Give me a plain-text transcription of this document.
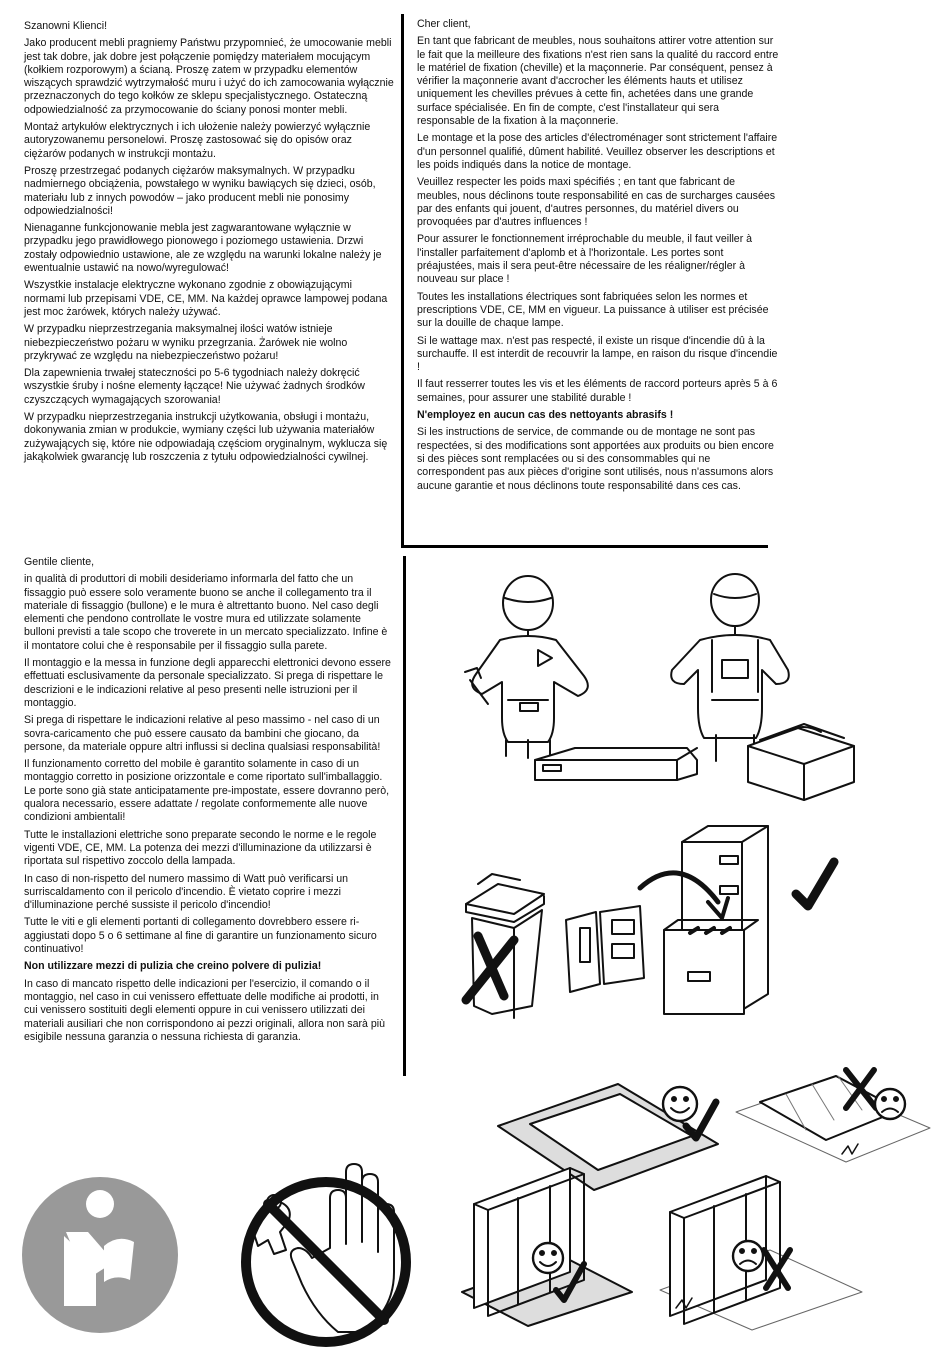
Szanowni Klienci!

Jako producent mebli pragniemy Państwu przypomnieć, że umocowanie mebli jest tak dobre, jak dobre jest połączenie pomiędzy materiałem mocującym (kołkiem rozporowym) a ścianą. Proszę zatem w przypadku elementów wiszących sprawdzić wytrzymałość muru i użyć do ich zamocowania wyłącznie przeznaczonych do tego kołków ze sklepu specjalistycznego. Ostateczną odpowiedzialność za przymocowanie do ściany ponosi monter mebli.

Montaż artykułów elektrycznych i ich ułożenie należy powierzyć wyłącznie autoryzowanemu personelowi. Proszę zastosować się do opisów oraz ciężarów podanych w instrukcji montażu.

Proszę przestrzegać podanych ciężarów maksymalnych. W przypadku nadmiernego obciążenia, powstałego w wyniku bawiących się dzieci, osób, materiału lub z innych powodów – jako producent mebli nie ponosimy odpowiedzialności!

Nienaganne funkcjonowanie mebla jest zagwarantowane wyłącznie w przypadku jego prawidłowego pionowego i poziomego ustawienia. Drzwi zostały odpowiednio ustawione, ale ze względu na warunki lokalne należy je ewentualnie ustawić na nowo/wyregulować!

Wszystkie instalacje elektryczne wykonano zgodnie z obowiązującymi normami lub przepisami VDE, CE, MM. Na każdej oprawce lampowej podana jest moc żarówek, których należy używać.

W przypadku nieprzestrzegania maksymalnej ilości watów istnieje niebezpieczeństwo pożaru w wyniku przegrzania. Żarówek nie wolno przykrywać ze względu na niebezpieczeństwo pożaru!

Dla zapewnienia trwałej stateczności po 5-6 tygodniach należy dokręcić wszystkie śruby i nośne elementy łączące! Nie używać żadnych środków czyszczących wymagających szorowania!

W przypadku nieprzestrzegania instrukcji użytkowania, obsługi i montażu, dokonywania zmian w produkcie, wymiany części lub używania materiałów zużywających się, które nie odpowiadają częściom oryginalnym, wyklucza się jakąkolwiek gwarancję lub roszczenia z tytułu odpowiedzialności cywilnej.

Cher client,

En tant que fabricant de meubles, nous souhaitons attirer votre attention sur le fait que la meilleure des fixations n'est rien sans la qualité du raccord entre le matériel de fixation (cheville) et la maçonnerie. Par conséquent, pensez à vérifier la maçonnerie avant d'accrocher les éléments hauts et utilisez uniquement les chevilles prévues à cette fin, achetées dans une grande surface spécialisée. En fin de compte, c'est l'installateur qui sera responsable de la fixation à la maçonnerie.

Le montage et la pose des articles d'électroménager sont strictement l'affaire d'un personnel qualifié, dûment habilité. Veuillez observer les descriptions et les poids indiqués dans la notice de montage.

Veuillez respecter les poids maxi spécifiés ; en tant que fabricant de meubles, nous déclinons toute responsabilité en cas de surcharges causées par des enfants qui jouent, d'autres personnes, du matériel divers ou provoquées par d'autres influences !

Pour assurer le fonctionnement irréprochable du meuble, il faut veiller à l'installer parfaitement d'aplomb et à l'horizontale. Les portes sont préajustées, mais il sera peut-être nécessaire de les réaligner/régler à nouveau sur place !

Toutes les installations électriques sont fabriquées selon les normes et prescriptions VDE, CE, MM en vigueur. La puissance à utiliser est précisée sur la douille de chaque lampe.

Si le wattage max. n'est pas respecté, il existe un risque d'incendie dû à la surchauffe. Il est interdit de recouvrir la lampe, en raison du risque d'incendie !

Il faut resserrer toutes les vis et les éléments de raccord porteurs après 5 à 6 semaines, pour assurer une stabilité durable !

N'employez en aucun cas des nettoyants abrasifs !

Si les instructions de service, de commande ou de montage ne sont pas respectées, si des modifications sont apportées aux produits ou bien encore si des pièces sont remplacées ou si des consommables qui ne correspondent pas aux pièces d'origine sont utilisés, nous n'assumons alors aucune garantie et nous déclinons toute responsabilité dans ces cas.

Gentile cliente,

in qualità di produttori di mobili desideriamo informarla del fatto che un fissaggio può essere solo veramente buono se anche il collegamento tra il materiale di fissaggio (bullone) e le mura è altrettanto buono. Nel caso degli elementi che pendono controllate le vostre mura ed utilizzate solamente bulloni previsti a tale scopo che troverete in un mercato specializzato. Infine è il montatore colui che è responsabile per il fissaggio sulla parete.

Il montaggio e la messa in funzione degli apparecchi elettronici devono essere effettuati esclusivamente da personale specializzato. Si prega di rispettare le descrizioni e le indicazioni relative al peso presenti nelle istruzioni per il montaggio.

Si prega di rispettare le indicazioni relative al peso massimo - nel caso di un sovra-caricamento che può essere causato da bambini che giocano, da persone, da materiale oppure altri influssi si declina qualsiasi responsabilità!

Il funzionamento corretto del mobile è garantito solamente in caso di un montaggio corretto in posizione orizzontale e come riportato sull'imballaggio. Le porte sono già state anticipatamente pre-impostate, essere dovranno però, qualora necessario, essere adattate / regolate conformemente alle nuove condizioni ambientali!

Tutte le installazioni elettriche sono preparate secondo le norme e le regole vigenti VDE, CE, MM. La potenza dei mezzi d'illuminazione da utilizzarsi è riportata sul rispettivo zoccolo della lampada.

In caso di non-rispetto del numero massimo di Watt può verificarsi un surriscaldamento con il pericolo d'incendio. È vietato coprire i mezzi d'illuminazione perché sussiste il pericolo d'incendio!

Tutte le viti e gli elementi portanti di collegamento dovrebbero essere ri-aggiustati dopo 5 o 6 settimane al fine di garantire un funzionamento sicuro continuativo!

Non utilizzare mezzi di pulizia che creino polvere di pulizia!

In caso di mancato rispetto delle indicazioni per l'esercizio, il comando o il montaggio, nel caso in cui venissero effettuate delle modifiche ai prodotti, in cui venissero sostituiti degli elementi oppure in cui venissero utilizzati dei materiali ausiliari che non corrispondono ai pezzi originali, allora non sarà più esigibile nessuna garanzia o nessuna richiesta di garanzia.
